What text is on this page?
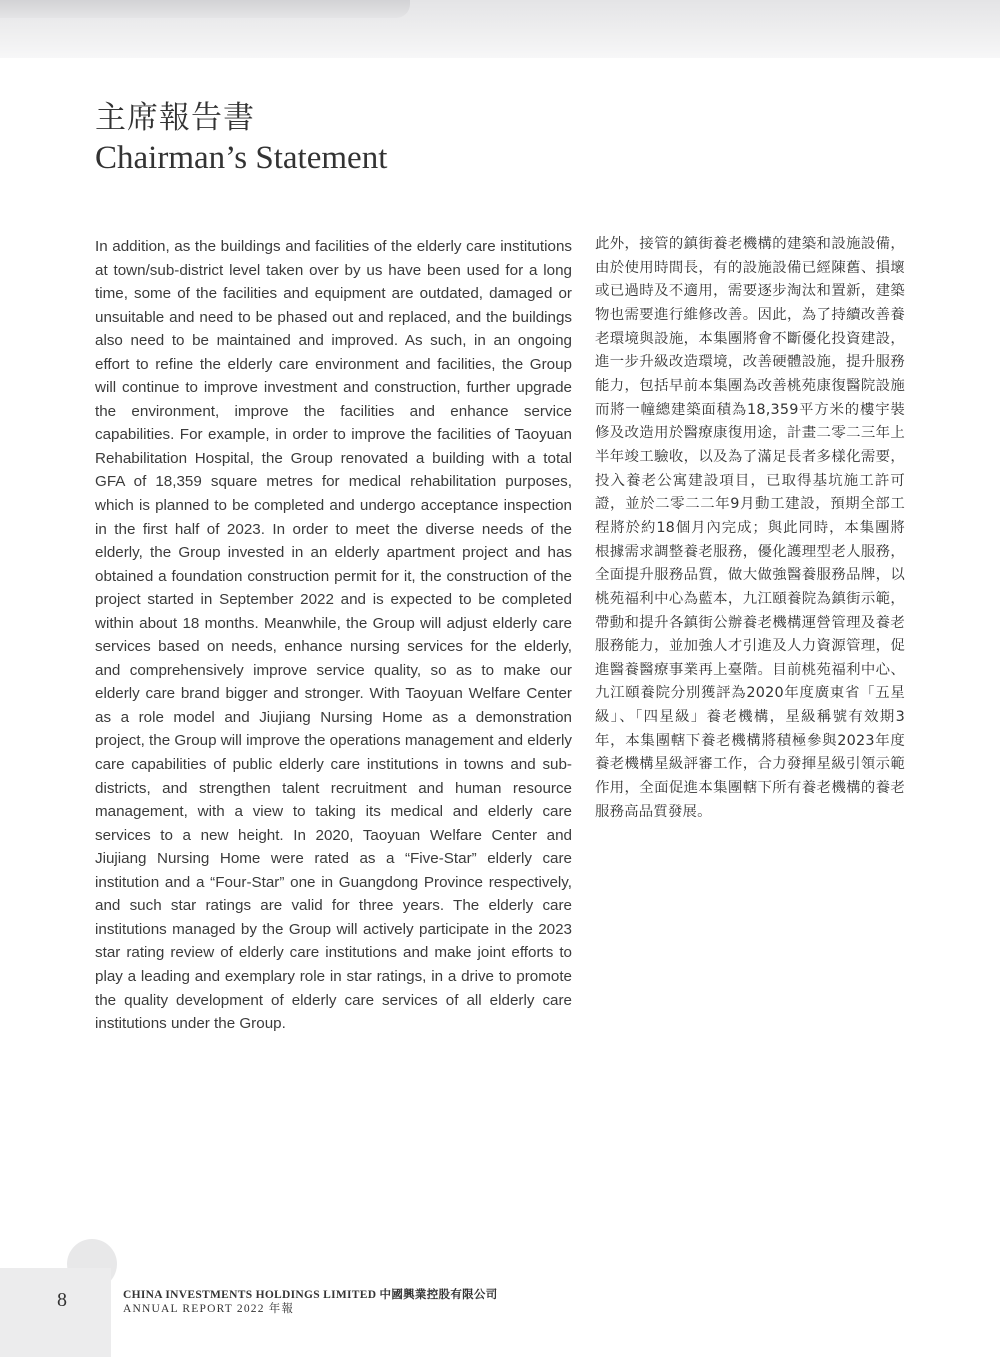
主席報告書
Chairman’s Statement

In addition, as the buildings and facilities of the elderly care institutions at town/sub-district level taken over by us have been used for a long time, some of the facilities and equipment are outdated, damaged or unsuitable and need to be phased out and replaced, and the buildings also need to be maintained and improved. As such, in an ongoing effort to refine the elderly care environment and facilities, the Group will continue to improve investment and construction, further upgrade the environment, improve the facilities and enhance service capabilities. For example, in order to improve the facilities of Taoyuan Rehabilitation Hospital, the Group renovated a building with a total GFA of 18,359 square metres for medical rehabilitation purposes, which is planned to be completed and undergo acceptance inspection in the first half of 2023. In order to meet the diverse needs of the elderly, the Group invested in an elderly apartment project and has obtained a foundation construction permit for it, the construction of the project started in September 2022 and is expected to be completed within about 18 months. Meanwhile, the Group will adjust elderly care services based on needs, enhance nursing services for the elderly, and comprehensively improve service quality, so as to make our elderly care brand bigger and stronger. With Taoyuan Welfare Center as a role model and Jiujiang Nursing Home as a demonstration project, the Group will improve the operations management and elderly care capabilities of public elderly care institutions in towns and sub-districts, and strengthen talent recruitment and human resource management, with a view to taking its medical and elderly care services to a new height. In 2020, Taoyuan Welfare Center and Jiujiang Nursing Home were rated as a “Five-Star” elderly care institution and a “Four-Star” one in Guangdong Province respectively, and such star ratings are valid for three years. The elderly care institutions managed by the Group will actively participate in the 2023 star rating review of elderly care institutions and make joint efforts to play a leading and exemplary role in star ratings, in a drive to promote the quality development of elderly care services of all elderly care institutions under the Group.

此外，接管的鎮街養老機構的建築和設施設備，由於使用時間長，有的設施設備已經陳舊、損壞或已過時及不適用，需要逐步淘汰和置新，建築物也需要進行維修改善。因此，為了持續改善養老環境與設施，本集團將會不斷優化投資建設，進一步升級改造環境，改善硬體設施，提升服務能力，包括早前本集團為改善桃苑康復醫院設施而將一幢總建築面積為18,359平方米的樓宇裝修及改造用於醫療康復用途，計畫二零二三年上半年竣工驗收，以及為了滿足長者多樣化需要，投入養老公寓建設項目，已取得基坑施工許可證，並於二零二二年9月動工建設，預期全部工程將於約18個月內完成；與此同時，本集團將根據需求調整養老服務，優化護理型老人服務，全面提升服務品質，做大做強醫養服務品牌，以桃苑福利中心為藍本，九江頤養院為鎮街示範，帶動和提升各鎮街公辦養老機構運營管理及養老服務能力，並加強人才引進及人力資源管理，促進醫養醫療事業再上臺階。目前桃苑福利中心、九江頤養院分別獲評為2020年度廣東省「五星級」、「四星級」養老機構，星級稱號有效期3年，本集團轄下養老機構將積極參與2023年度養老機構星級評審工作，合力發揮星級引領示範作用，全面促進本集團轄下所有養老機構的養老服務高品質發展。

8	CHINA INVESTMENTS HOLDINGS LIMITED 中國興業控股有限公司
ANNUAL REPORT 2022 年報
